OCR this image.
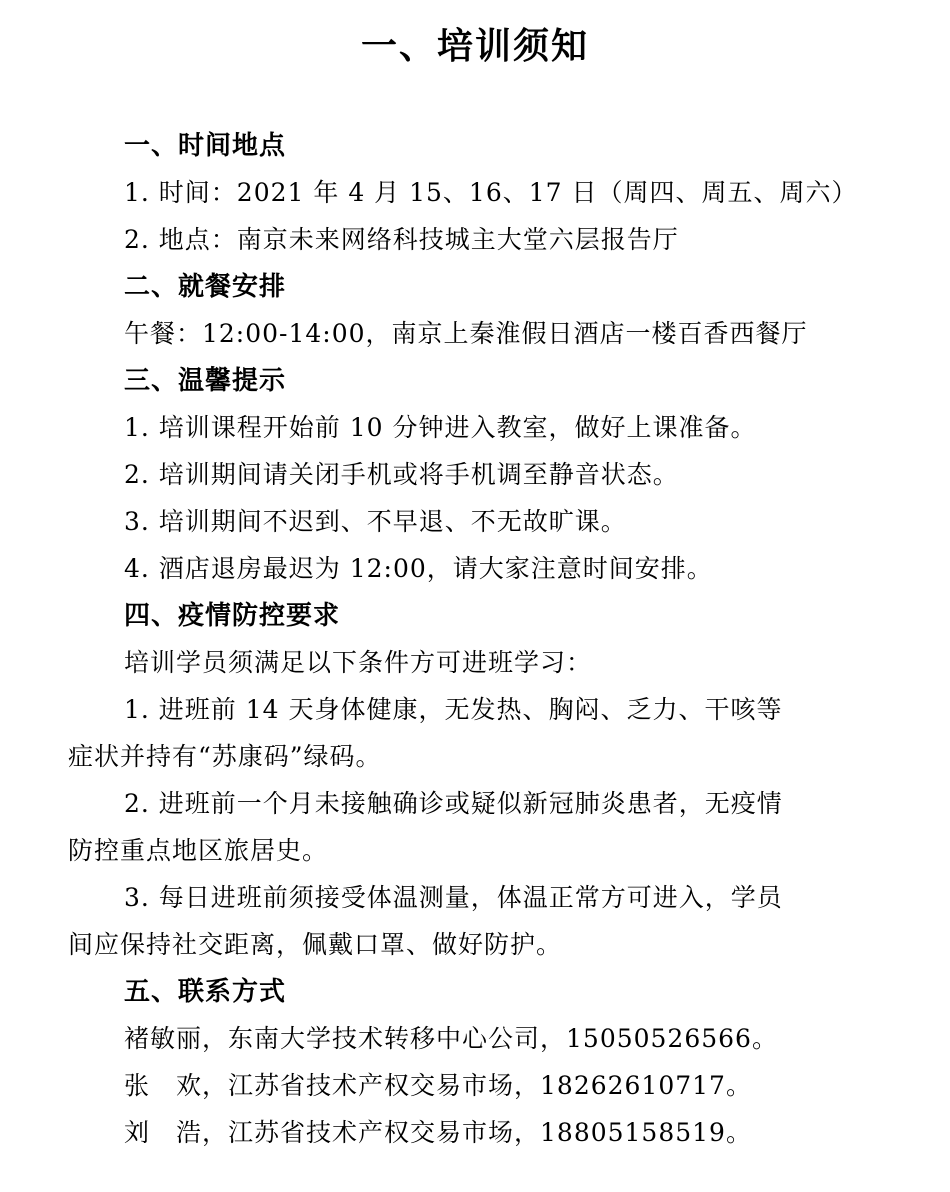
一、培训须知
一、时间地点
1. 时间：2021 年 4 月 15、16、17 日（周四、周五、周六）
2. 地点：南京未来网络科技城主大堂六层报告厅
二、就餐安排
午餐：12:00-14:00，南京上秦淮假日酒店一楼百香西餐厅
三、温馨提示
1. 培训课程开始前 10 分钟进入教室，做好上课准备。
2. 培训期间请关闭手机或将手机调至静音状态。
3. 培训期间不迟到、不早退、不无故旷课。
4. 酒店退房最迟为 12:00，请大家注意时间安排。
四、疫情防控要求
培训学员须满足以下条件方可进班学习：
1. 进班前 14 天身体健康，无发热、胸闷、乏力、干咳等
症状并持有“苏康码”绿码。
2. 进班前一个月未接触确诊或疑似新冠肺炎患者，无疫情
防控重点地区旅居史。
3. 每日进班前须接受体温测量，体温正常方可进入，学员
间应保持社交距离，佩戴口罩、做好防护。
五、联系方式
褚敏丽，东南大学技术转移中心公司，15050526566。
张　欢，江苏省技术产权交易市场，18262610717。
刘　浩，江苏省技术产权交易市场，18805158519。
